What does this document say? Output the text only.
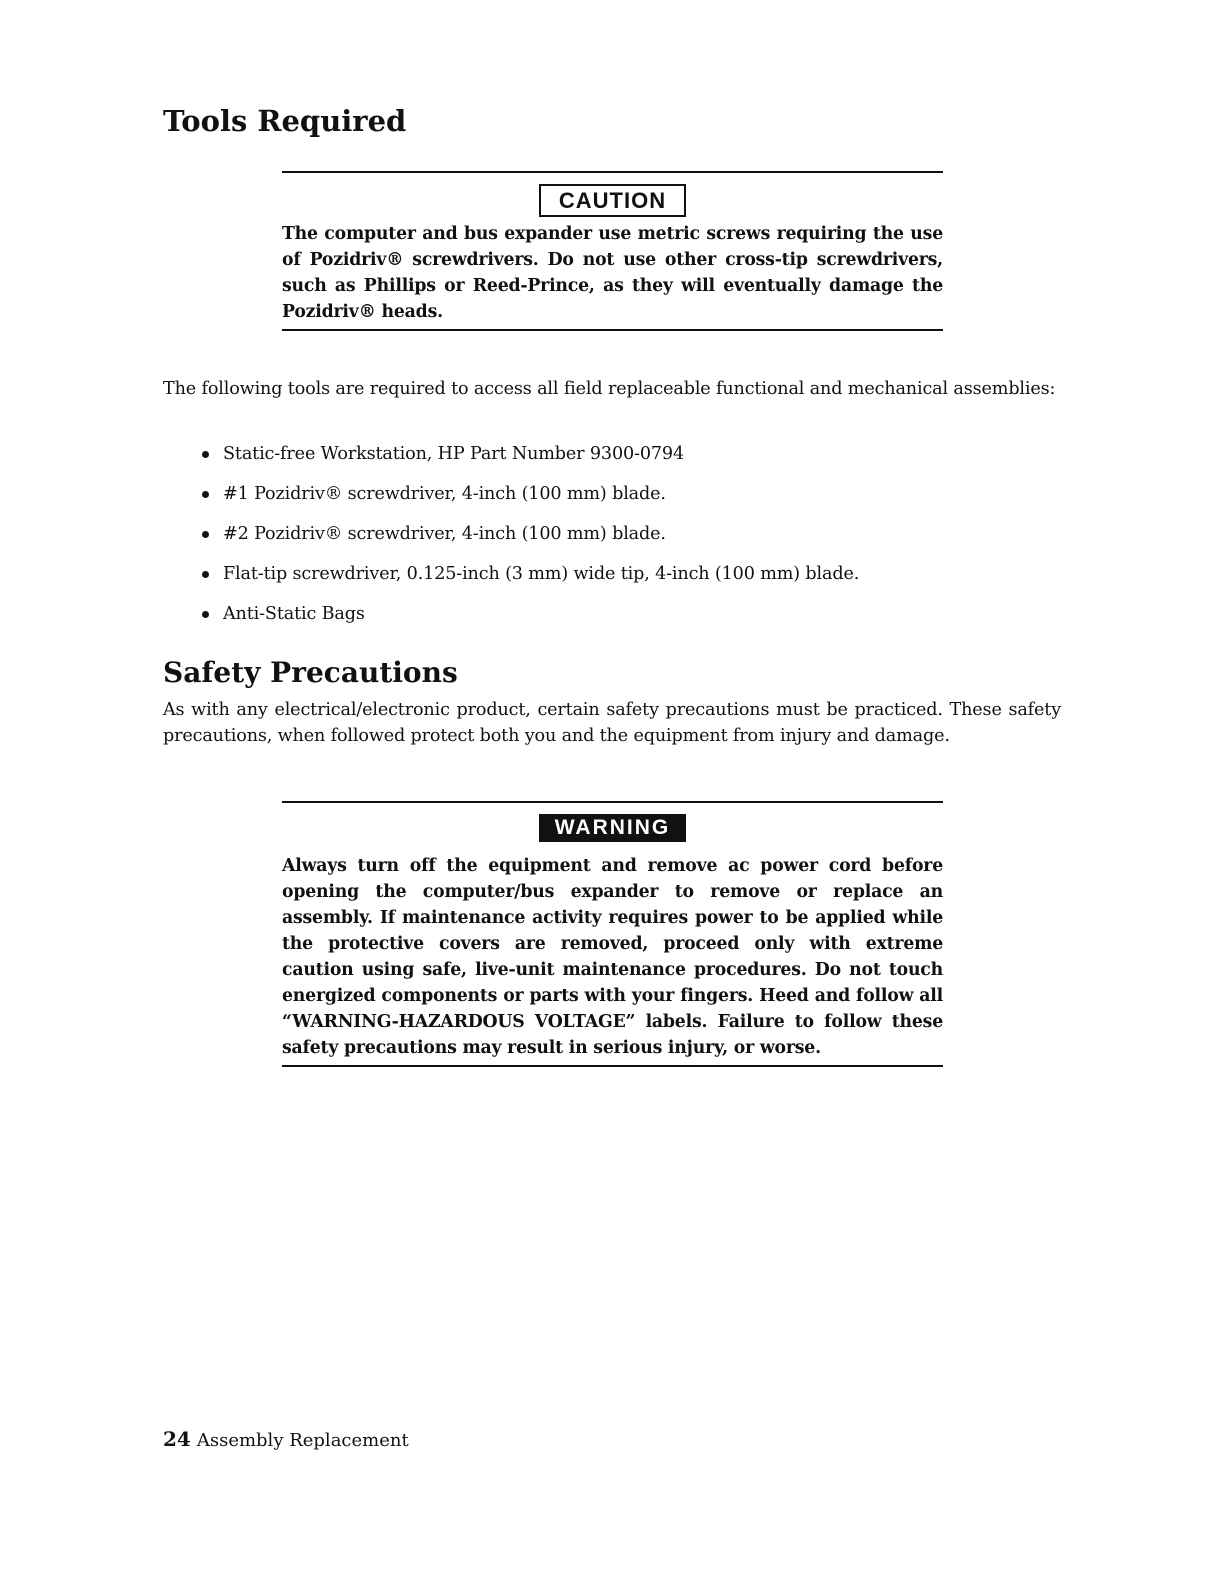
Tools Required
CAUTION

The computer and bus expander use metric screws requiring the use of Pozidriv® screwdrivers. Do not use other cross-tip screwdrivers, such as Phillips or Reed-Prince, as they will eventually damage the Pozidriv® heads.

The following tools are required to access all field replaceable functional and mechanical assemblies:

Static-free Workstation, HP Part Number 9300-0794
#1 Pozidriv® screwdriver, 4-inch (100 mm) blade.
#2 Pozidriv® screwdriver, 4-inch (100 mm) blade.
Flat-tip screwdriver, 0.125-inch (3 mm) wide tip, 4-inch (100 mm) blade.
Anti-Static Bags
Safety Precautions

As with any electrical/electronic product, certain safety precautions must be practiced. These safety precautions, when followed protect both you and the equipment from injury and damage.

WARNING

Always turn off the equipment and remove ac power cord before opening the computer/bus expander to remove or replace an assembly. If maintenance activity requires power to be applied while the protective covers are removed, proceed only with extreme caution using safe, live-unit maintenance procedures. Do not touch energized components or parts with your fingers. Heed and follow all “WARNING-HAZARDOUS VOLTAGE” labels. Failure to follow these safety precautions may result in serious injury, or worse.

24 Assembly Replacement
